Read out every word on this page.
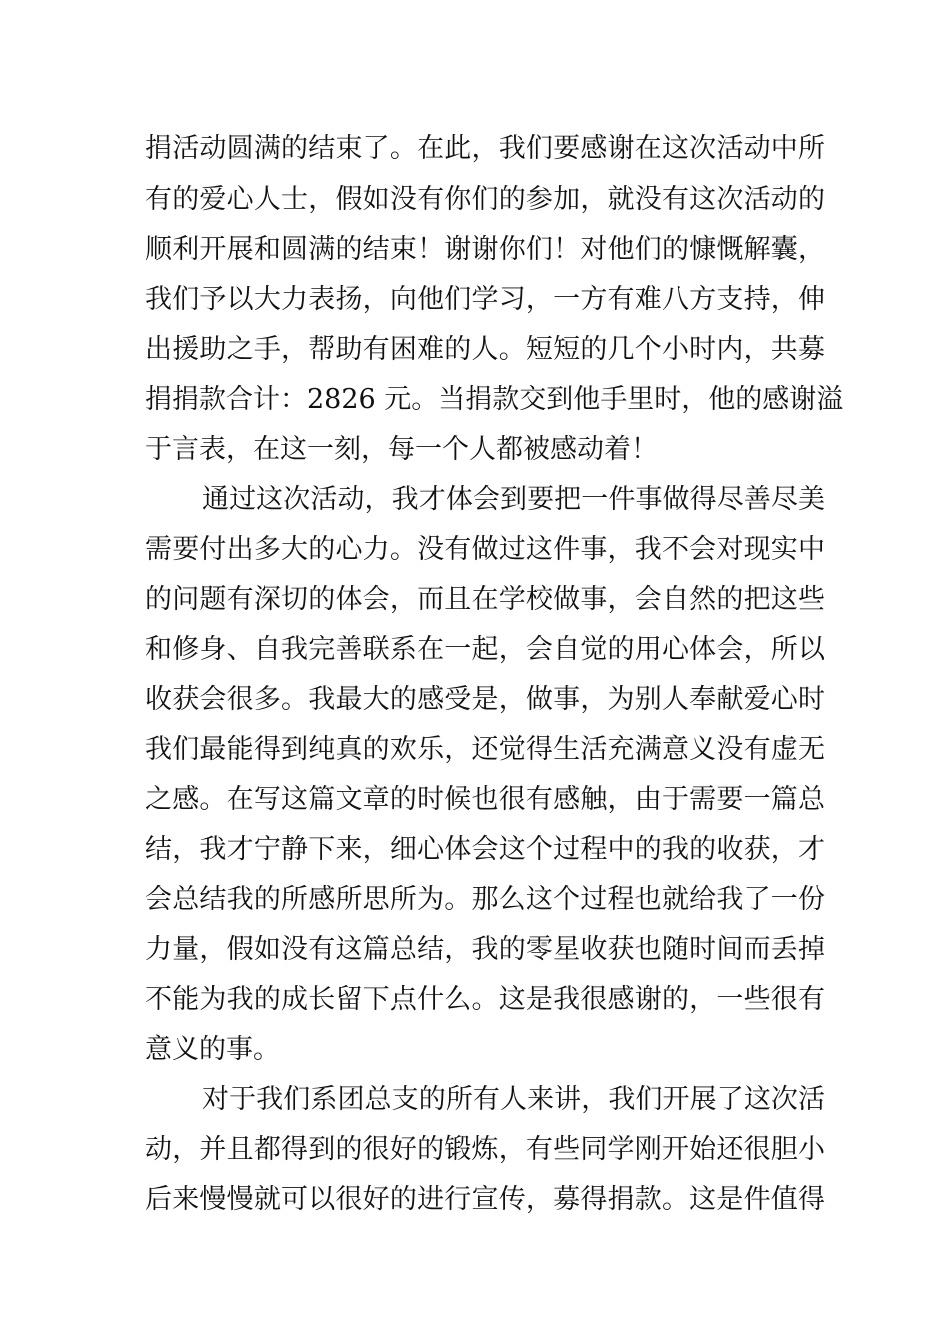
捐活动圆满的结束了。在此，我们要感谢在这次活动中所
有的爱心人士，假如没有你们的参加，就没有这次活动的
顺利开展和圆满的结束！谢谢你们！对他们的慷慨解囊，
我们予以大力表扬，向他们学习，一方有难八方支持，伸
出援助之手，帮助有困难的人。短短的几个小时内，共募
捐捐款合计：2826 元。当捐款交到他手里时，他的感谢溢
于言表，在这一刻，每一个人都被感动着！
通过这次活动，我才体会到要把一件事做得尽善尽美
需要付出多大的心力。没有做过这件事，我不会对现实中
的问题有深切的体会，而且在学校做事，会自然的把这些
和修身、自我完善联系在一起，会自觉的用心体会，所以
收获会很多。我最大的感受是，做事，为别人奉献爱心时
我们最能得到纯真的欢乐，还觉得生活充满意义没有虚无
之感。在写这篇文章的时候也很有感触，由于需要一篇总
结，我才宁静下来，细心体会这个过程中的我的收获，才
会总结我的所感所思所为。那么这个过程也就给我了一份
力量，假如没有这篇总结，我的零星收获也随时间而丢掉
不能为我的成长留下点什么。这是我很感谢的，一些很有
意义的事。
对于我们系团总支的所有人来讲，我们开展了这次活
动，并且都得到的很好的锻炼，有些同学刚开始还很胆小
后来慢慢就可以很好的进行宣传，募得捐款。这是件值得
